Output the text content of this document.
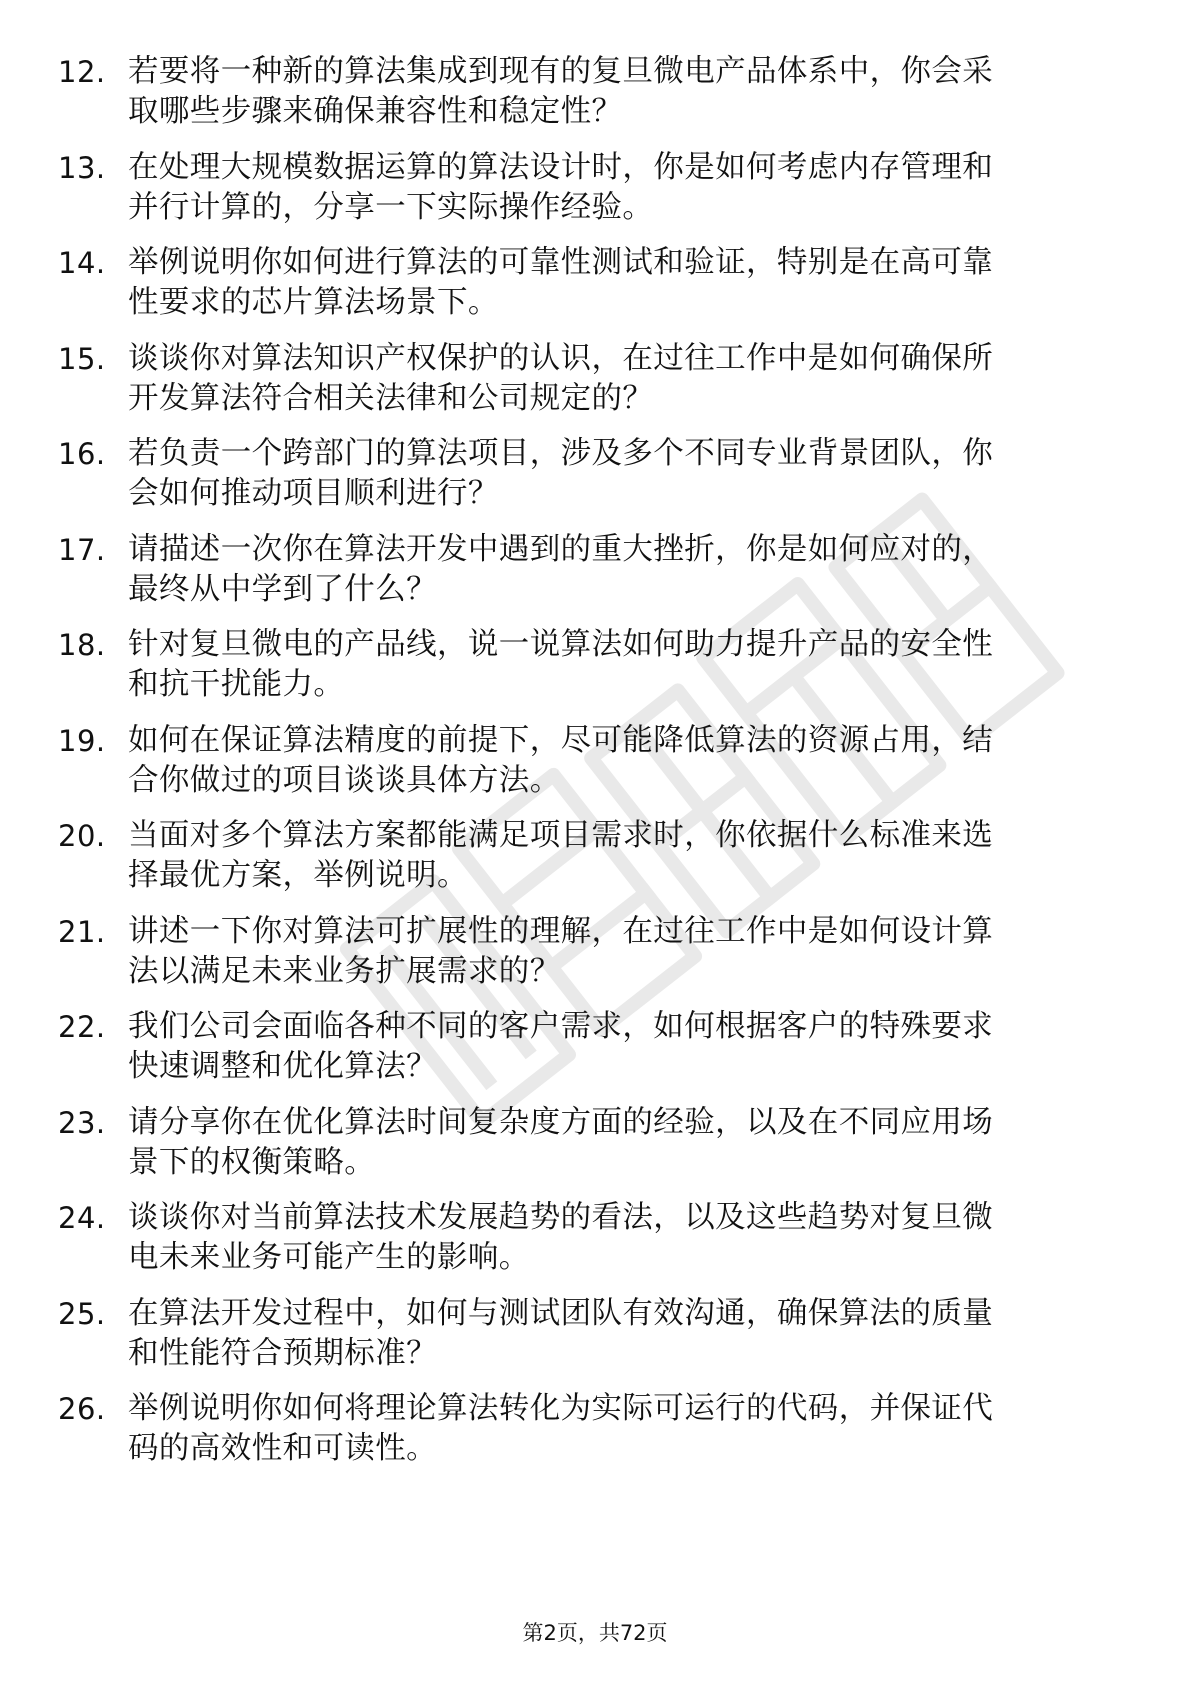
12. 若要将一种新的算法集成到现有的复旦微电产品体系中，你会采
取哪些步骤来确保兼容性和稳定性？
13. 在处理大规模数据运算的算法设计时，你是如何考虑内存管理和
并行计算的，分享一下实际操作经验。
14. 举例说明你如何进行算法的可靠性测试和验证，特别是在高可靠
性要求的芯片算法场景下。
15. 谈谈你对算法知识产权保护的认识，在过往工作中是如何确保所
开发算法符合相关法律和公司规定的？
16. 若负责一个跨部门的算法项目，涉及多个不同专业背景团队，你
会如何推动项目顺利进行？
17. 请描述一次你在算法开发中遇到的重大挫折，你是如何应对的，
最终从中学到了什么？
18. 针对复旦微电的产品线，说一说算法如何助力提升产品的安全性
和抗干扰能力。
19. 如何在保证算法精度的前提下，尽可能降低算法的资源占用，结
合你做过的项目谈谈具体方法。
20. 当面对多个算法方案都能满足项目需求时，你依据什么标准来选
择最优方案，举例说明。
21. 讲述一下你对算法可扩展性的理解，在过往工作中是如何设计算
法以满足未来业务扩展需求的？
22. 我们公司会面临各种不同的客户需求，如何根据客户的特殊要求
快速调整和优化算法？
23. 请分享你在优化算法时间复杂度方面的经验，以及在不同应用场
景下的权衡策略。
24. 谈谈你对当前算法技术发展趋势的看法，以及这些趋势对复旦微
电未来业务可能产生的影响。
25. 在算法开发过程中，如何与测试团队有效沟通，确保算法的质量
和性能符合预期标准？
26. 举例说明你如何将理论算法转化为实际可运行的代码，并保证代
码的高效性和可读性。
第2页，共72页
